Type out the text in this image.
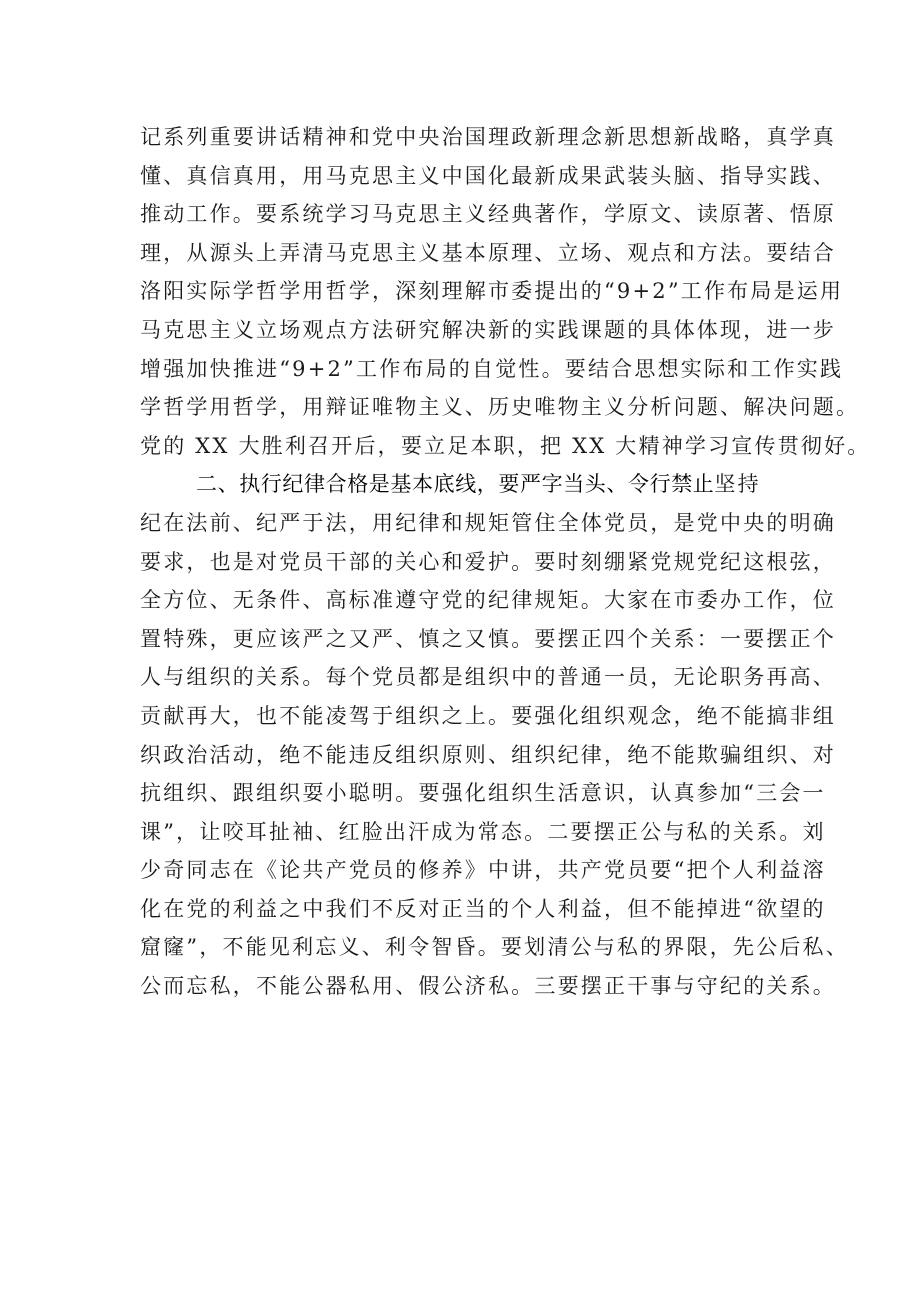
记系列重要讲话精神和党中央治国理政新理念新思想新战略，真学真
懂、真信真用，用马克思主义中国化最新成果武装头脑、指导实践、
推动工作。要系统学习马克思主义经典著作，学原文、读原著、悟原
理，从源头上弄清马克思主义基本原理、立场、观点和方法。要结合
洛阳实际学哲学用哲学，深刻理解市委提出的“9+2”工作布局是运用
马克思主义立场观点方法研究解决新的实践课题的具体体现，进一步
增强加快推进“9+2”工作布局的自觉性。要结合思想实际和工作实践
学哲学用哲学，用辩证唯物主义、历史唯物主义分析问题、解决问题。
党的 XX 大胜利召开后，要立足本职，把 XX 大精神学习宣传贯彻好。
二、执行纪律合格是基本底线，要严字当头、令行禁止坚持
纪在法前、纪严于法，用纪律和规矩管住全体党员，是党中央的明确
要求，也是对党员干部的关心和爱护。要时刻绷紧党规党纪这根弦，
全方位、无条件、高标准遵守党的纪律规矩。大家在市委办工作，位
置特殊，更应该严之又严、慎之又慎。要摆正四个关系：一要摆正个
人与组织的关系。每个党员都是组织中的普通一员，无论职务再高、
贡献再大，也不能凌驾于组织之上。要强化组织观念，绝不能搞非组
织政治活动，绝不能违反组织原则、组织纪律，绝不能欺骗组织、对
抗组织、跟组织耍小聪明。要强化组织生活意识，认真参加“三会一
课”，让咬耳扯袖、红脸出汗成为常态。二要摆正公与私的关系。刘
少奇同志在《论共产党员的修养》中讲，共产党员要“把个人利益溶
化在党的利益之中我们不反对正当的个人利益，但不能掉进“欲望的
窟窿”，不能见利忘义、利令智昏。要划清公与私的界限，先公后私、
公而忘私，不能公器私用、假公济私。三要摆正干事与守纪的关系。
